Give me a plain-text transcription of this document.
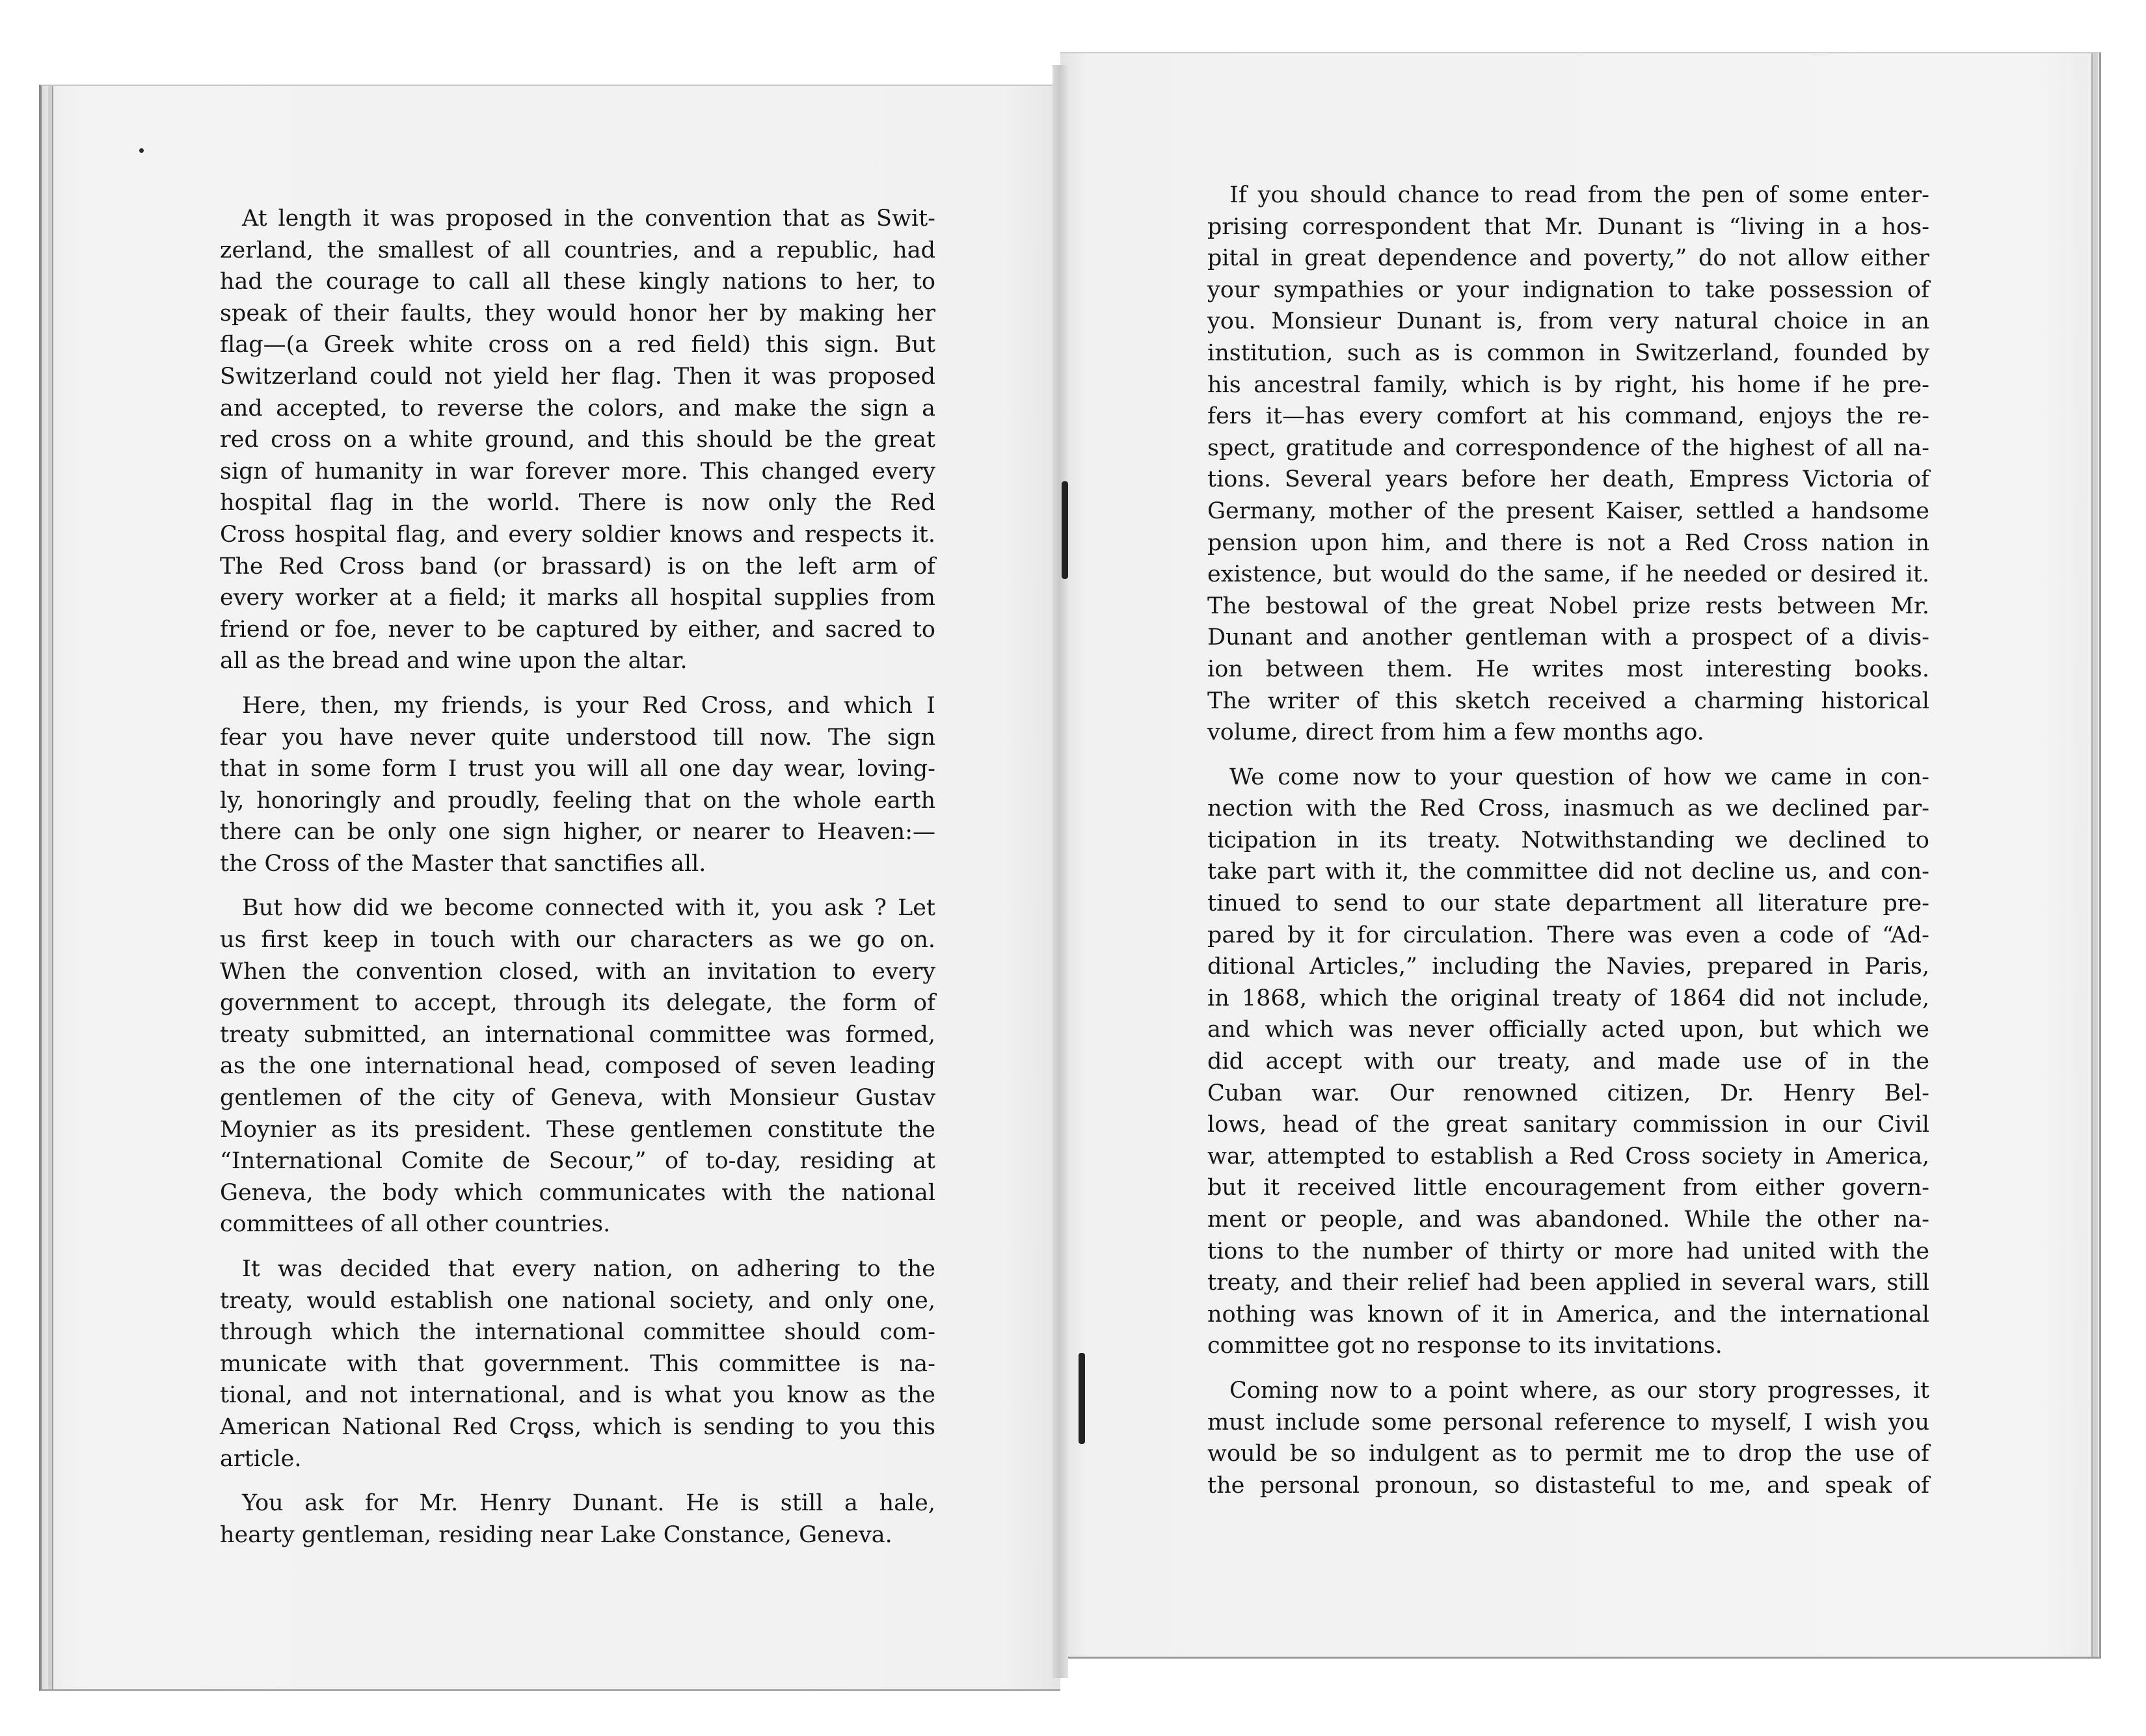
At length it was proposed in the convention that as Swit-
zerland, the smallest of all countries, and a republic, had
had the courage to call all these kingly nations to her, to
speak of their faults, they would honor her by making her
flag—(a Greek white cross on a red field) this sign. But
Switzerland could not yield her flag. Then it was proposed
and accepted, to reverse the colors, and make the sign a
red cross on a white ground, and this should be the great
sign of humanity in war forever more. This changed every
hospital flag in the world. There is now only the Red
Cross hospital flag, and every soldier knows and respects it.
The Red Cross band (or brassard) is on the left arm of
every worker at a field; it marks all hospital supplies from
friend or foe, never to be captured by either, and sacred to
all as the bread and wine upon the altar.
Here, then, my friends, is your Red Cross, and which I
fear you have never quite understood till now. The sign
that in some form I trust you will all one day wear, loving-
ly, honoringly and proudly, feeling that on the whole earth
there can be only one sign higher, or nearer to Heaven:—
the Cross of the Master that sanctifies all.
But how did we become connected with it, you ask ? Let
us first keep in touch with our characters as we go on.
When the convention closed, with an invitation to every
government to accept, through its delegate, the form of
treaty submitted, an international committee was formed,
as the one international head, composed of seven leading
gentlemen of the city of Geneva, with Monsieur Gustav
Moynier as its president. These gentlemen constitute the
“International Comite de Secour,” of to-day, residing at
Geneva, the body which communicates with the national
committees of all other countries.
It was decided that every nation, on adhering to the
treaty, would establish one national society, and only one,
through which the international committee should com-
municate with that government. This committee is na-
tional, and not international, and is what you know as the
American National Red Cross, which is sending to you this
article.
You ask for Mr. Henry Dunant. He is still a hale,
hearty gentleman, residing near Lake Constance, Geneva.
If you should chance to read from the pen of some enter-
prising correspondent that Mr. Dunant is “living in a hos-
pital in great dependence and poverty,” do not allow either
your sympathies or your indignation to take possession of
you. Monsieur Dunant is, from very natural choice in an
institution, such as is common in Switzerland, founded by
his ancestral family, which is by right, his home if he pre-
fers it—has every comfort at his command, enjoys the re-
spect, gratitude and correspondence of the highest of all na-
tions. Several years before her death, Empress Victoria of
Germany, mother of the present Kaiser, settled a handsome
pension upon him, and there is not a Red Cross nation in
existence, but would do the same, if he needed or desired it.
The bestowal of the great Nobel prize rests between Mr.
Dunant and another gentleman with a prospect of a divis-
ion between them. He writes most interesting books.
The writer of this sketch received a charming historical
volume, direct from him a few months ago.
We come now to your question of how we came in con-
nection with the Red Cross, inasmuch as we declined par-
ticipation in its treaty. Notwithstanding we declined to
take part with it, the committee did not decline us, and con-
tinued to send to our state department all literature pre-
pared by it for circulation. There was even a code of “Ad-
ditional Articles,” including the Navies, prepared in Paris,
in 1868, which the original treaty of 1864 did not include,
and which was never officially acted upon, but which we
did accept with our treaty, and made use of in the
Cuban war. Our renowned citizen, Dr. Henry Bel-
lows, head of the great sanitary commission in our Civil
war, attempted to establish a Red Cross society in America,
but it received little encouragement from either govern-
ment or people, and was abandoned. While the other na-
tions to the number of thirty or more had united with the
treaty, and their relief had been applied in several wars, still
nothing was known of it in America, and the international
committee got no response to its invitations.
Coming now to a point where, as our story progresses, it
must include some personal reference to myself, I wish you
would be so indulgent as to permit me to drop the use of
the personal pronoun, so distasteful to me, and speak of
